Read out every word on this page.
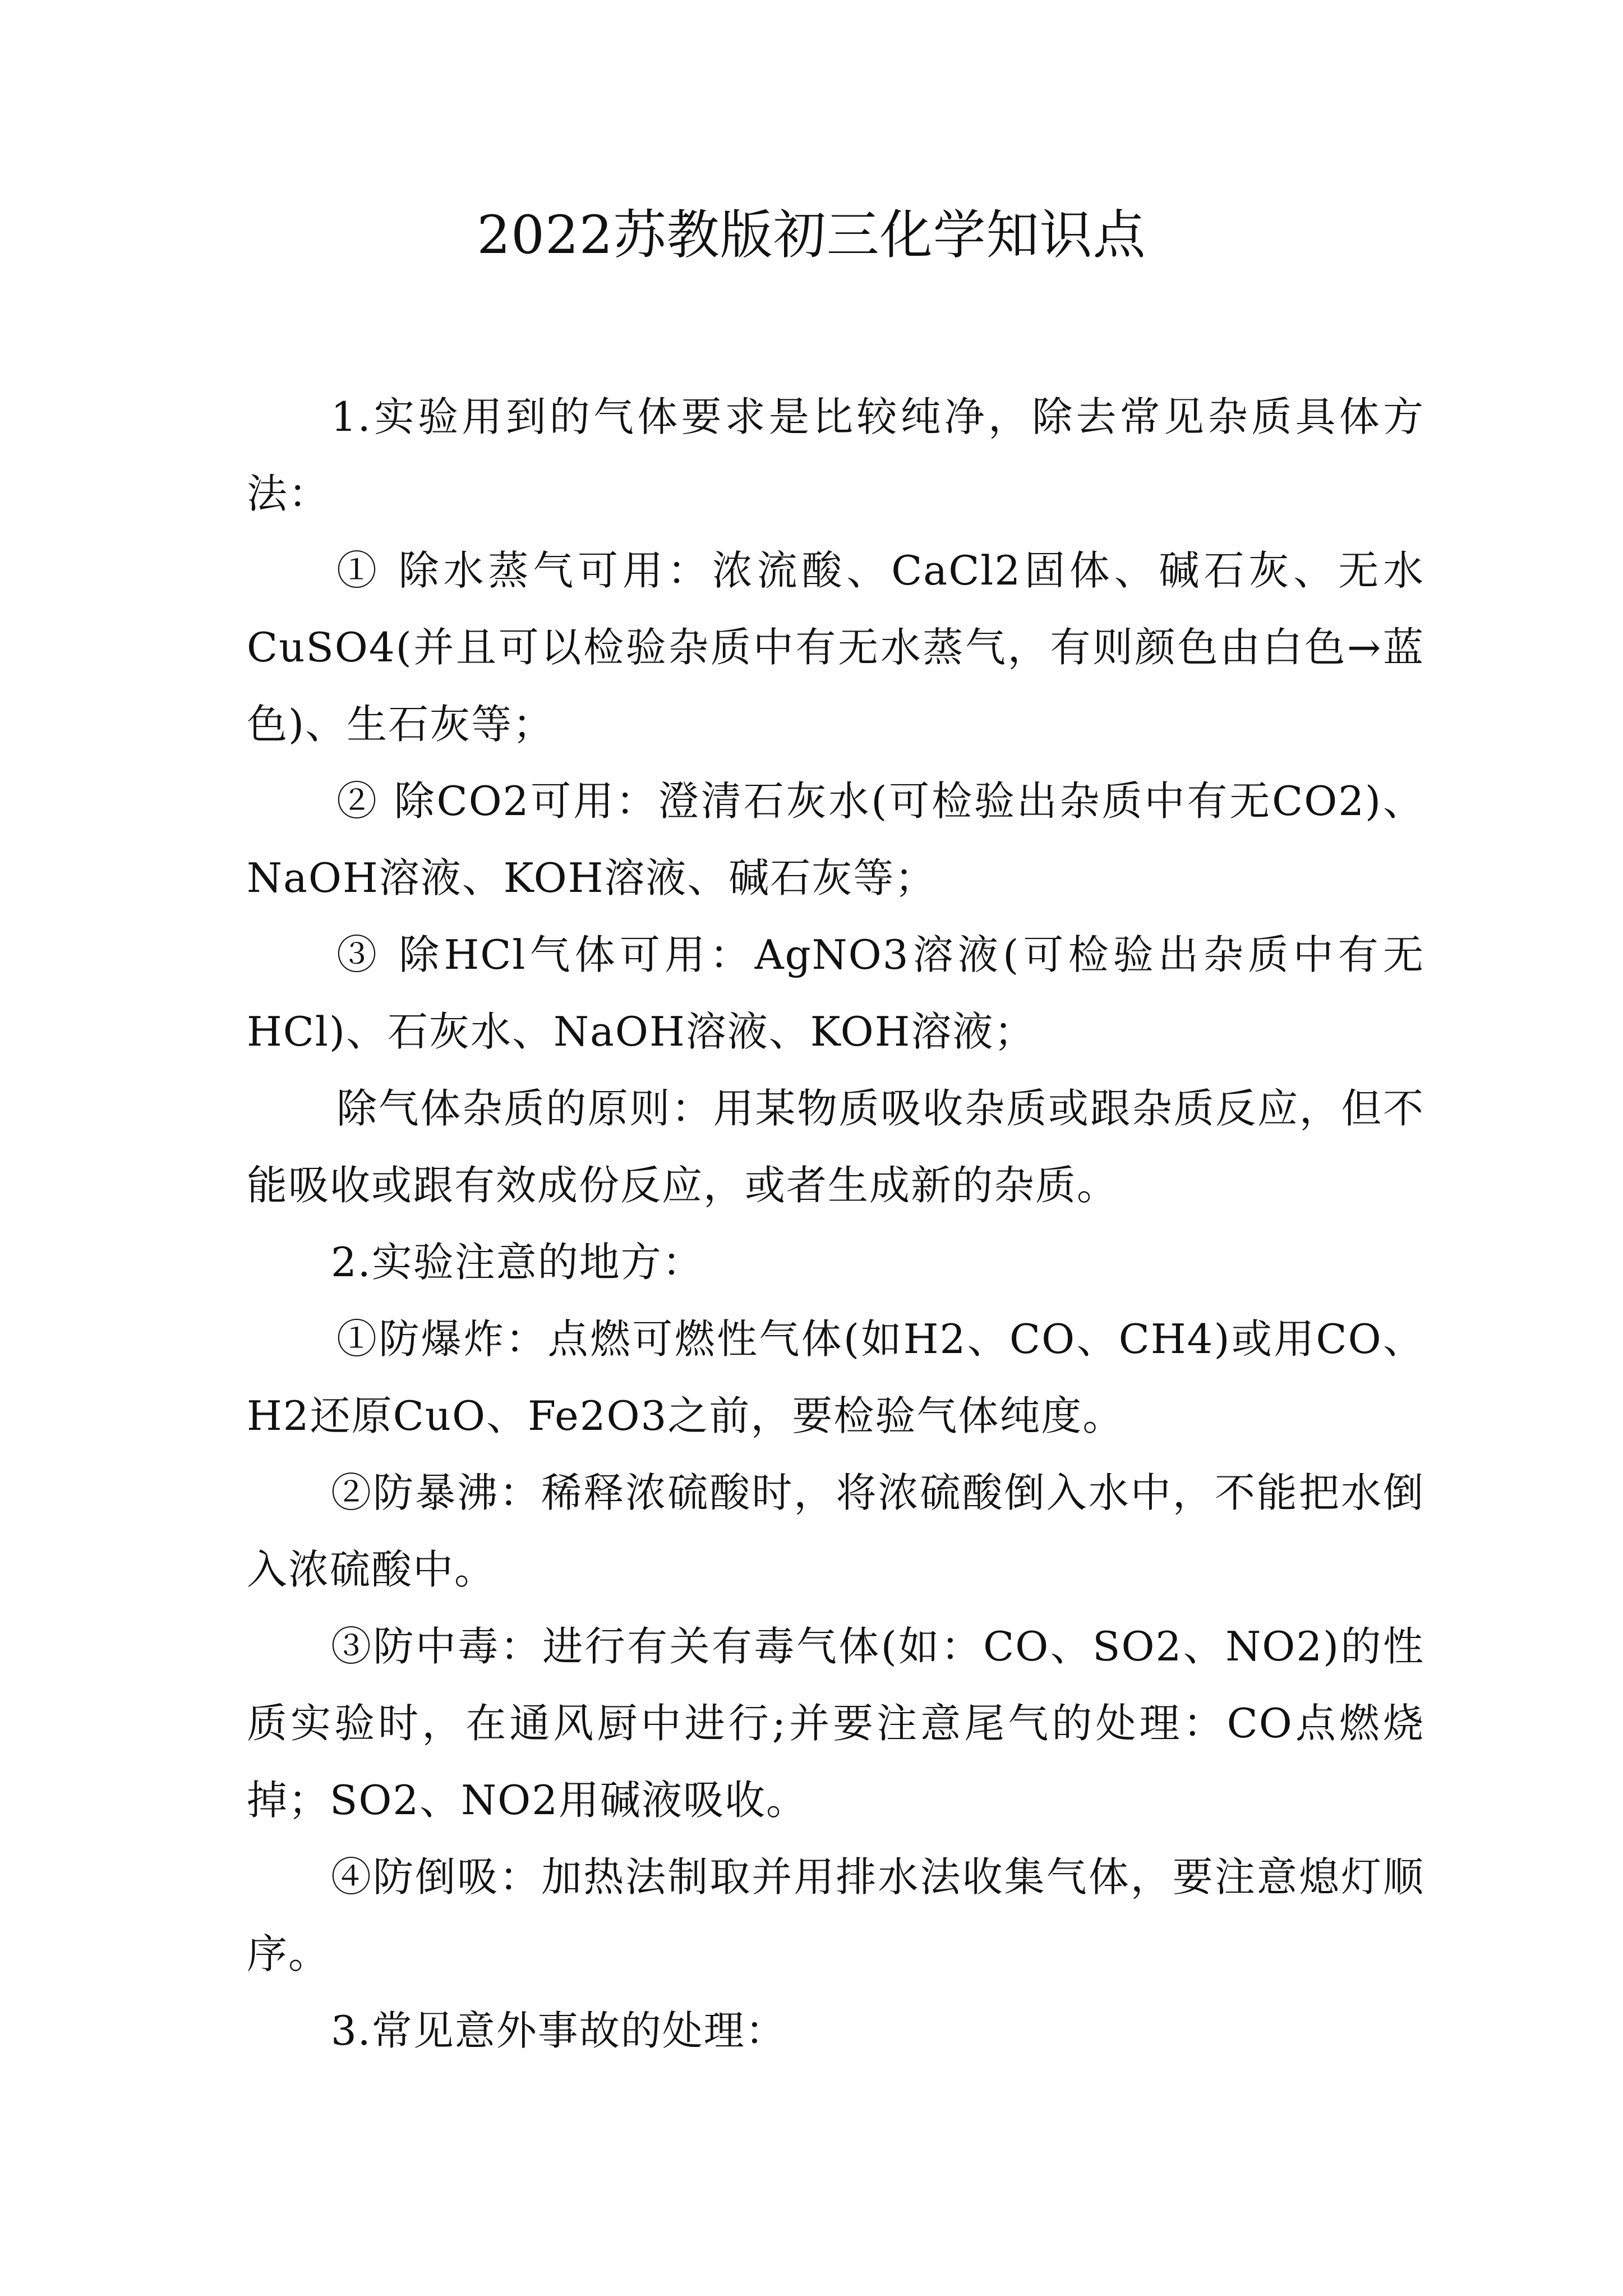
2022苏教版初三化学知识点

1.实验用到的气体要求是比较纯净，除去常见杂质具体方法：

① 除水蒸气可用：浓流酸、CaCl2固体、碱石灰、无水CuSO4(并且可以检验杂质中有无水蒸气，有则颜色由白色→蓝色)、生石灰等；

② 除CO2可用：澄清石灰水(可检验出杂质中有无CO2)、NaOH溶液、KOH溶液、碱石灰等；

③ 除HCl气体可用：AgNO3溶液(可检验出杂质中有无HCl)、石灰水、NaOH溶液、KOH溶液；

除气体杂质的原则：用某物质吸收杂质或跟杂质反应，但不能吸收或跟有效成份反应，或者生成新的杂质。

2.实验注意的地方：

①防爆炸：点燃可燃性气体(如H2、CO、CH4)或用CO、H2还原CuO、Fe2O3之前，要检验气体纯度。

②防暴沸：稀释浓硫酸时，将浓硫酸倒入水中，不能把水倒入浓硫酸中。

③防中毒：进行有关有毒气体(如：CO、SO2、NO2)的性质实验时，在通风厨中进行;并要注意尾气的处理：CO点燃烧掉；SO2、NO2用碱液吸收。

④防倒吸：加热法制取并用排水法收集气体，要注意熄灯顺序。

3.常见意外事故的处理：
